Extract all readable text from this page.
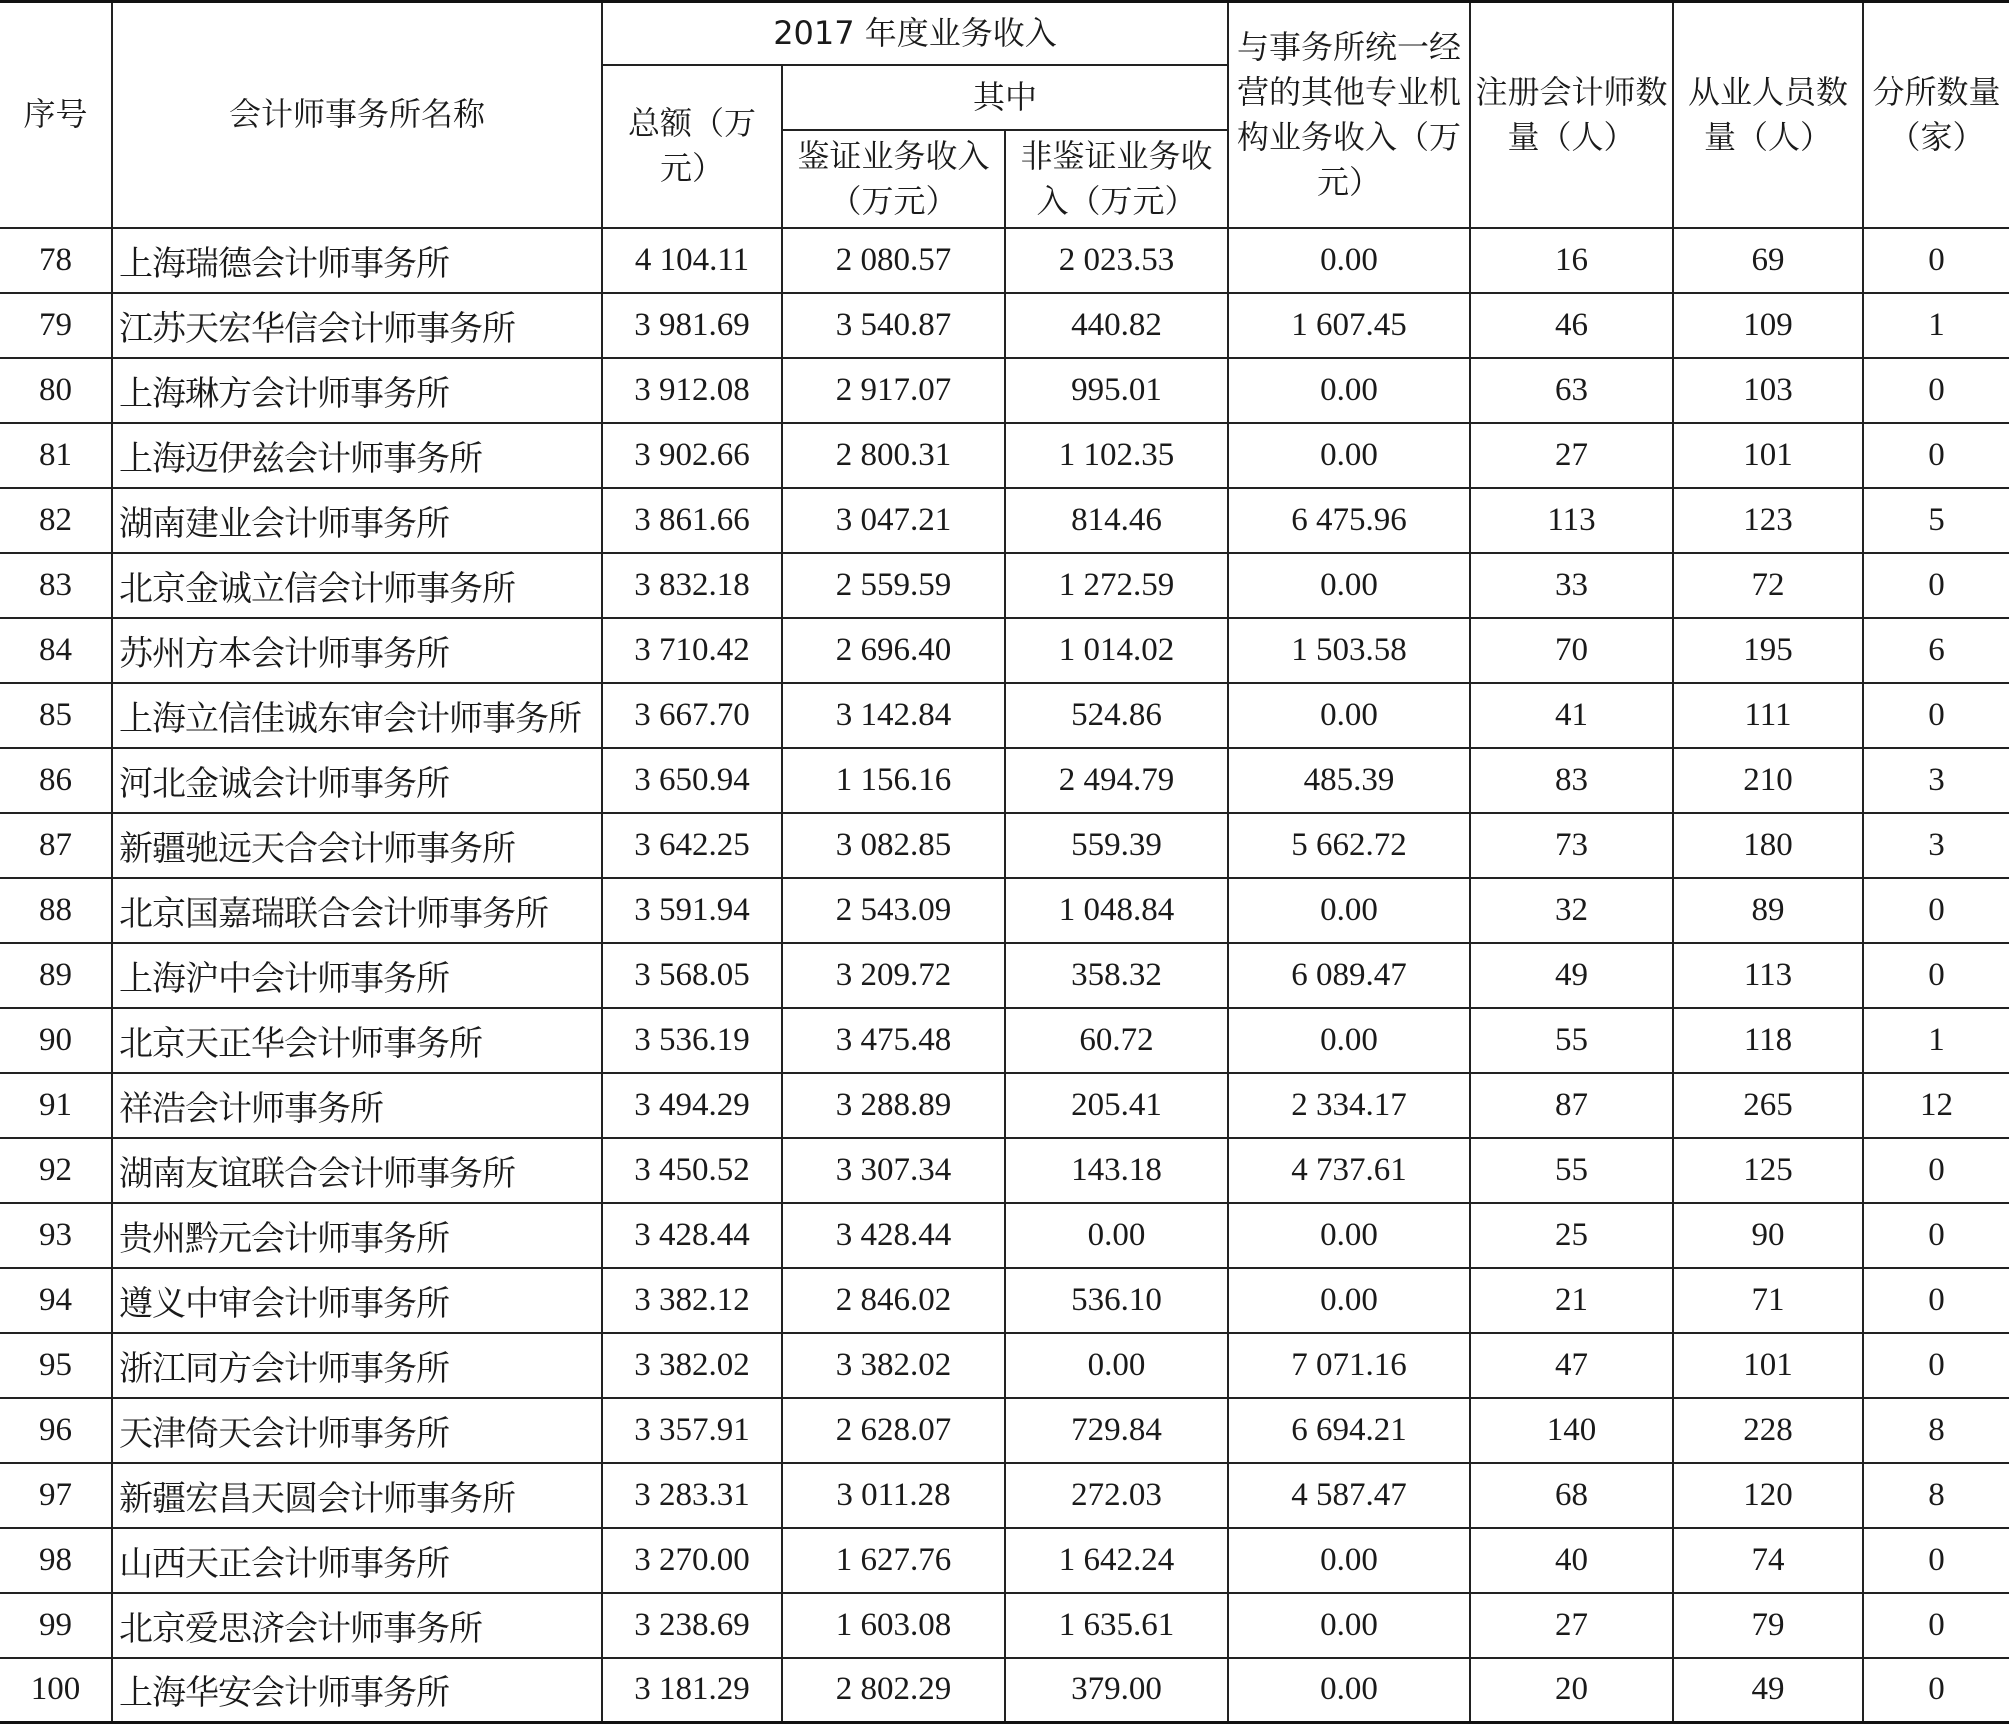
序号	会计师事务所名称	2017 年度业务收入			与事务所统一经营的其他专业机构业务收入（万元）	注册会计师数量（人）	从业人员数量（人）	分所数量（家）
		总额（万元）	其中					
			鉴证业务收入（万元）	非鉴证业务收入（万元）				
78	上海瑞德会计师事务所	4 104.11	2 080.57	2 023.53	0.00	16	69	0
79	江苏天宏华信会计师事务所	3 981.69	3 540.87	440.82	1 607.45	46	109	1
80	上海琳方会计师事务所	3 912.08	2 917.07	995.01	0.00	63	103	0
81	上海迈伊兹会计师事务所	3 902.66	2 800.31	1 102.35	0.00	27	101	0
82	湖南建业会计师事务所	3 861.66	3 047.21	814.46	6 475.96	113	123	5
83	北京金诚立信会计师事务所	3 832.18	2 559.59	1 272.59	0.00	33	72	0
84	苏州方本会计师事务所	3 710.42	2 696.40	1 014.02	1 503.58	70	195	6
85	上海立信佳诚东审会计师事务所	3 667.70	3 142.84	524.86	0.00	41	111	0
86	河北金诚会计师事务所	3 650.94	1 156.16	2 494.79	485.39	83	210	3
87	新疆驰远天合会计师事务所	3 642.25	3 082.85	559.39	5 662.72	73	180	3
88	北京国嘉瑞联合会计师事务所	3 591.94	2 543.09	1 048.84	0.00	32	89	0
89	上海沪中会计师事务所	3 568.05	3 209.72	358.32	6 089.47	49	113	0
90	北京天正华会计师事务所	3 536.19	3 475.48	60.72	0.00	55	118	1
91	祥浩会计师事务所	3 494.29	3 288.89	205.41	2 334.17	87	265	12
92	湖南友谊联合会计师事务所	3 450.52	3 307.34	143.18	4 737.61	55	125	0
93	贵州黔元会计师事务所	3 428.44	3 428.44	0.00	0.00	25	90	0
94	遵义中审会计师事务所	3 382.12	2 846.02	536.10	0.00	21	71	0
95	浙江同方会计师事务所	3 382.02	3 382.02	0.00	7 071.16	47	101	0
96	天津倚天会计师事务所	3 357.91	2 628.07	729.84	6 694.21	140	228	8
97	新疆宏昌天圆会计师事务所	3 283.31	3 011.28	272.03	4 587.47	68	120	8
98	山西天正会计师事务所	3 270.00	1 627.76	1 642.24	0.00	40	74	0
99	北京爱思济会计师事务所	3 238.69	1 603.08	1 635.61	0.00	27	79	0
100	上海华安会计师事务所	3 181.29	2 802.29	379.00	0.00	20	49	0
